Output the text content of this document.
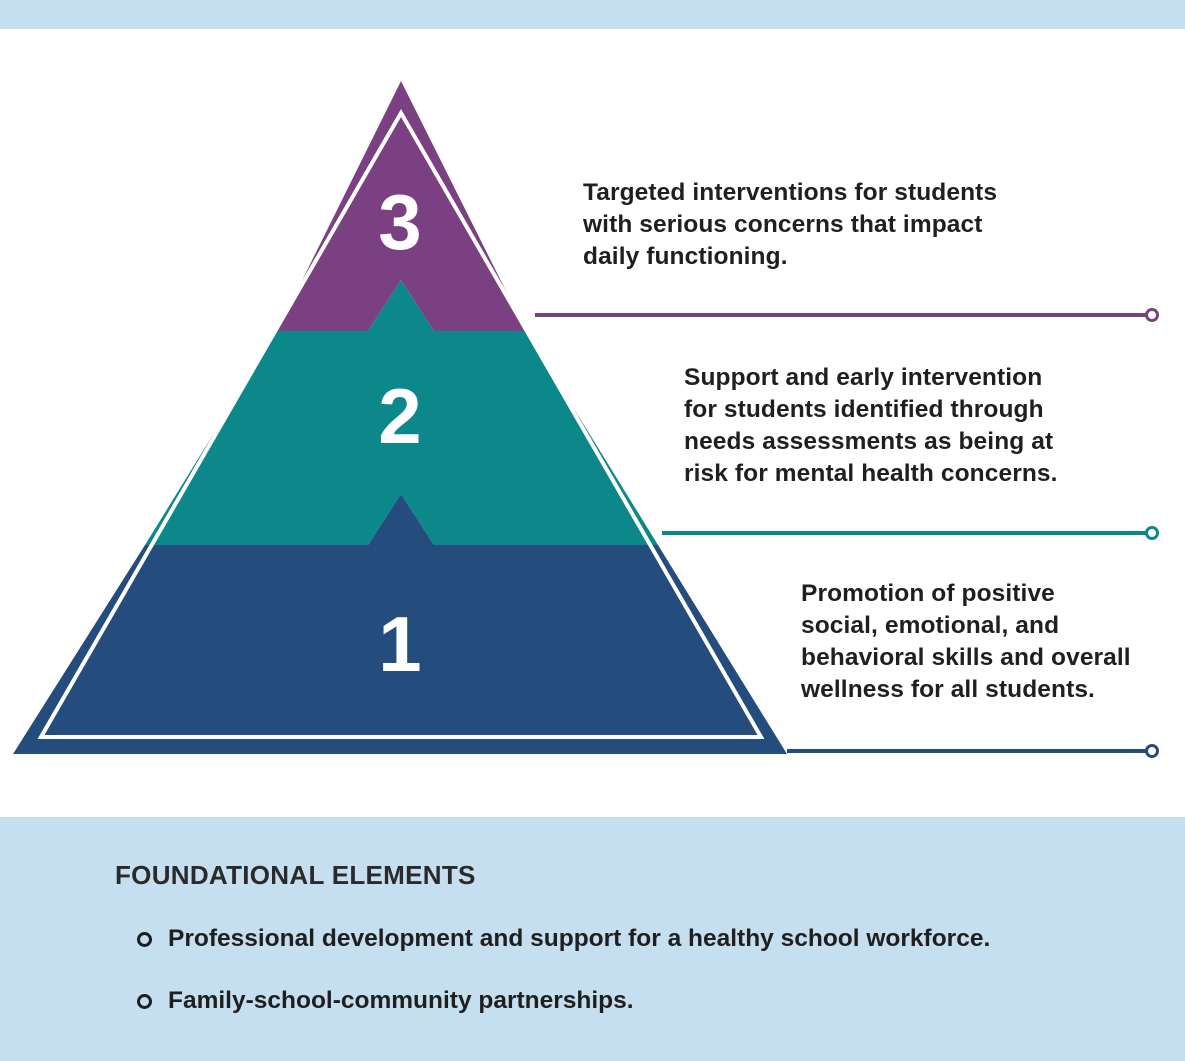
3
2
1
Targeted interventions for students
with serious concerns that impact
daily functioning.
Support and early intervention
for students identified through
needs assessments as being at
risk for mental health concerns.
Promotion of positive
social, emotional, and
behavioral skills and overall
wellness for all students.
FOUNDATIONAL ELEMENTS
Professional development and support for a healthy school workforce.
Family-school-community partnerships.
